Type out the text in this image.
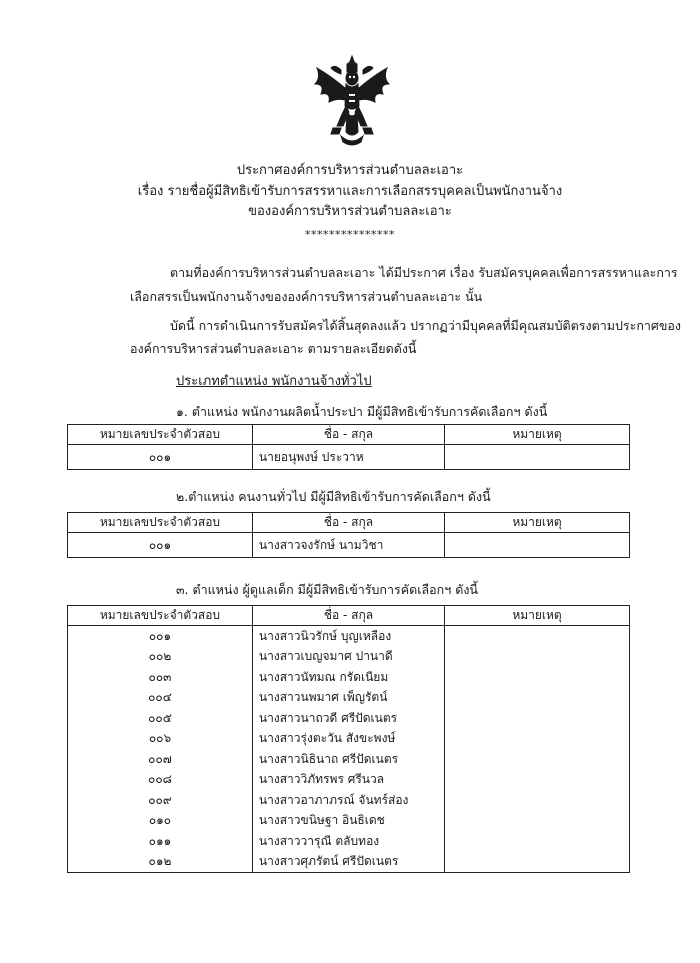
ประกาศองค์การบริหารส่วนตำบลละเอาะ
เรื่อง รายชื่อผู้มีสิทธิเข้ารับการสรรหาและการเลือกสรรบุคคลเป็นพนักงานจ้าง
ขององค์การบริหารส่วนตำบลละเอาะ
***************
ตามที่องค์การบริหารส่วนตำบลละเอาะ ได้มีประกาศ เรื่อง รับสมัครบุคคลเพื่อการสรรหาและการ
เลือกสรรเป็นพนักงานจ้างขององค์การบริหารส่วนตำบลละเอาะ นั้น
บัดนี้ การดำเนินการรับสมัครได้สิ้นสุดลงแล้ว ปรากฏว่ามีบุคคลที่มีคุณสมบัติตรงตามประกาศของ
องค์การบริหารส่วนตำบลละเอาะ ตามรายละเอียดดังนี้
ประเภทตำแหน่ง พนักงานจ้างทั่วไป
๑. ตำแหน่ง พนักงานผลิตน้ำประปา มีผู้มีสิทธิเข้ารับการคัดเลือกฯ ดังนี้
หมายเลขประจำตัวสอบ	ชื่อ - สกุล	หมายเหตุ
๐๐๑	นายอนุพงษ์ ประวาห	
๒.ตำแหน่ง คนงานทั่วไป มีผู้มีสิทธิเข้ารับการคัดเลือกฯ ดังนี้
หมายเลขประจำตัวสอบ	ชื่อ - สกุล	หมายเหตุ
๐๐๑	นางสาวจงรักษ์ นามวิชา	
๓. ตำแหน่ง ผู้ดูแลเด็ก มีผู้มีสิทธิเข้ารับการคัดเลือกฯ ดังนี้
หมายเลขประจำตัวสอบ	ชื่อ - สกุล	หมายเหตุ
๐๐๑	นางสาวนิวรักษ์ บุญเหลือง	
๐๐๒	นางสาวเบญจมาศ ปานาดี	
๐๐๓	นางสาวนัทมณ กรัดเนียม	
๐๐๔	นางสาวนพมาศ เพ็ญรัตน์	
๐๐๕	นางสาวนาถวดี ศรีปัดเนตร	
๐๐๖	นางสาวรุ่งตะวัน สังขะพงษ์	
๐๐๗	นางสาวนิธินาถ ศรีปัดเนตร	
๐๐๘	นางสาววิภัทรพร ศรีนวล	
๐๐๙	นางสาวอาภาภรณ์ จันทร์ส่อง	
๐๑๐	นางสาวขนิษฐา อินธิเดช	
๐๑๑	นางสาววารุณี ตลับทอง	
๐๑๒	นางสาวศุภรัตน์ ศรีปัดเนตร	
